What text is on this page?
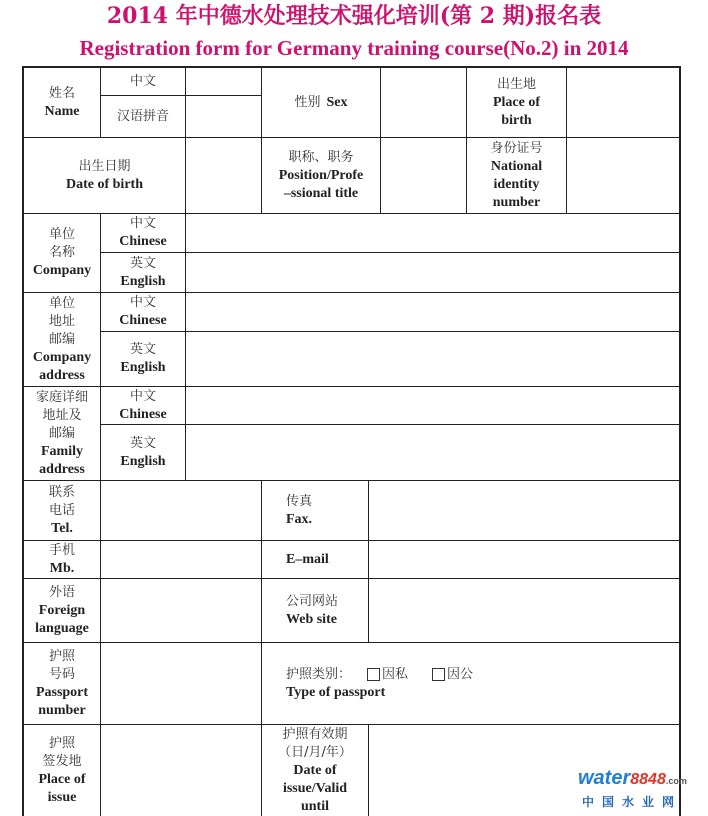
2014 年中德水处理技术强化培训(第 2 期)报名表
Registration form for Germany training course(No.2) in 2014
姓名
Name
中文
汉语拼音
性别 Sex
出生地
Place of
birth
出生日期
Date of birth
职称、职务
Position/Profe
–ssional title
身份证号
National
identity
number
单位
名称
Company
中文
Chinese
英文
English
单位
地址
邮编
Company
address
中文
Chinese
英文
English
家庭详细
地址及
邮编
Family
address
中文
Chinese
英文
English
联系
电话
Tel.
传真
Fax.
手机
Mb.
E–mail
外语
Foreign
language
公司网站
Web site
护照
号码
Passport
number
护照类别：	因私	因公
Type of passport
护照
签发地
Place of
issue
护照有效期
（日/月/年）
Date of
issue/Valid
until
water8848.com
中国水业网
